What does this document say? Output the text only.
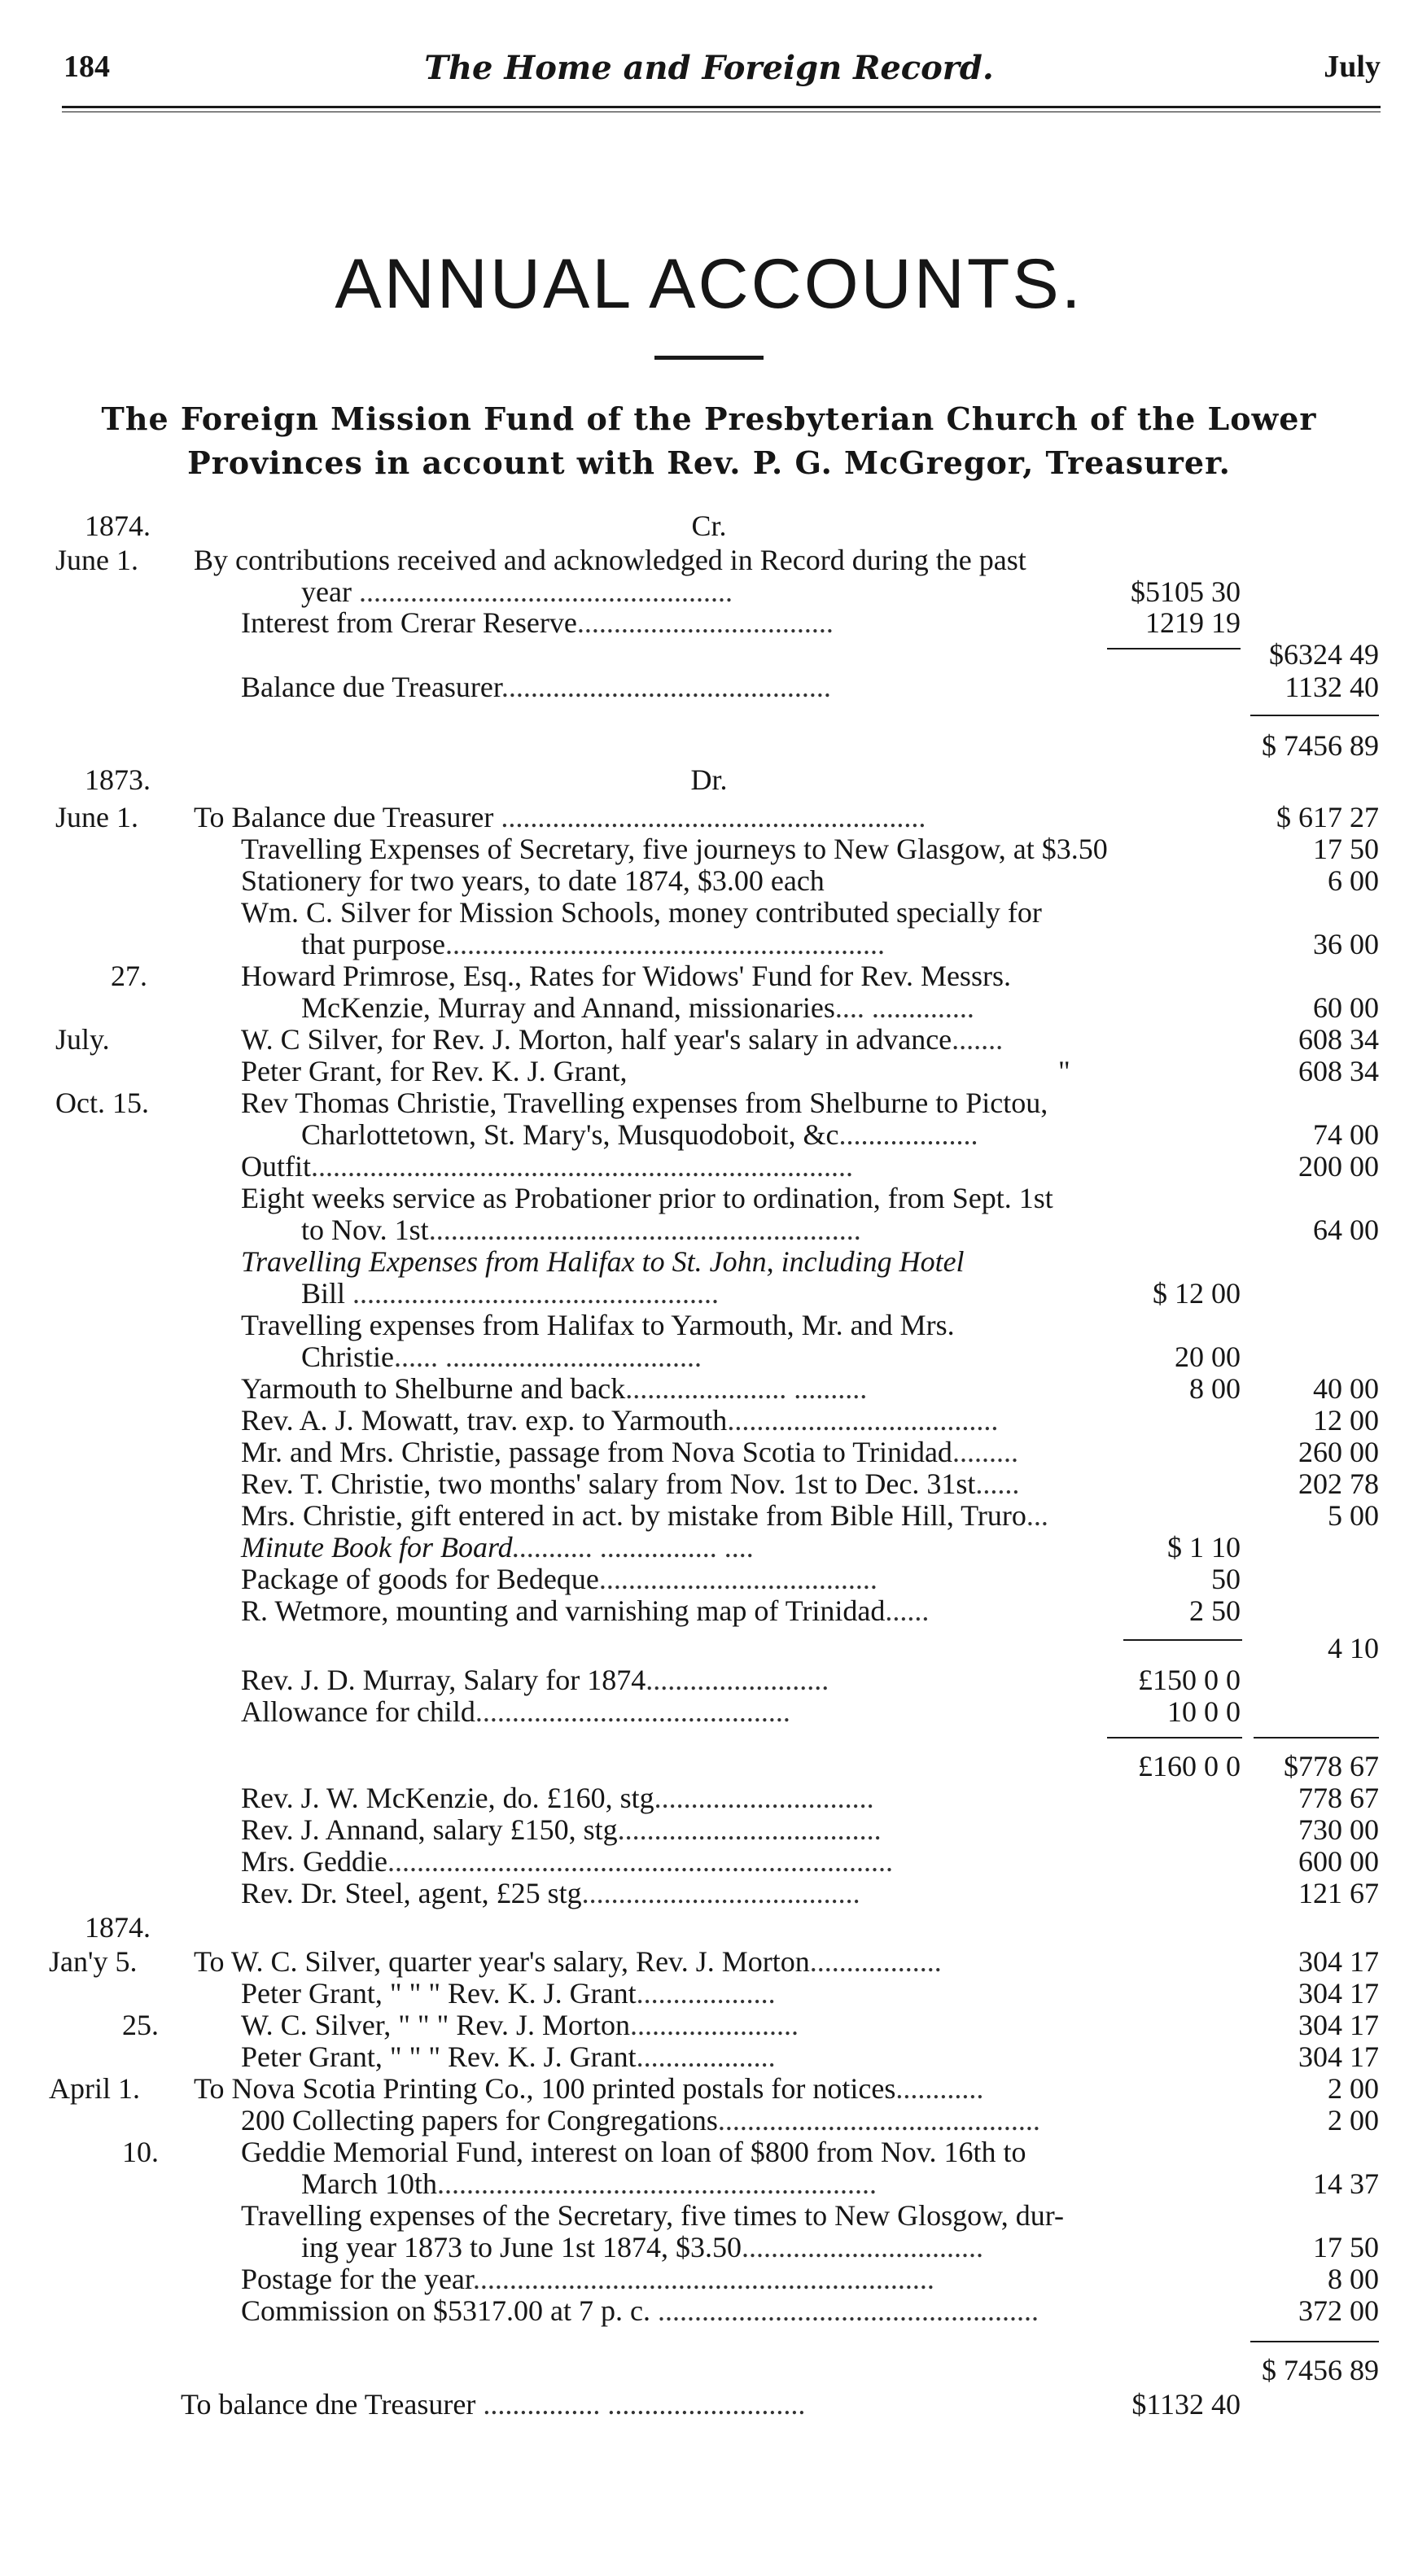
184	The Home and Foreign Record.	July
ANNUAL ACCOUNTS.
The Foreign Mission Fund of the Presbyterian Church of the Lower
Provinces in account with Rev. P. G. McGregor, Treasurer.
1874.	Cr.
June 1. By contributions received and acknowledged in Record during the past
year ...................................................	$5105 30
Interest from Crerar Reserve...................................	1219 19
$6324 49
Balance due Treasurer.............................................	1132 40
$ 7456 89
1873.	Dr.
June 1. To Balance due Treasurer ..........................................................	$ 617 27
Travelling Expenses of Secretary, five journeys to New Glasgow, at $3.50	17 50
Stationery for two years, to date 1874, $3.00 each	6 00
Wm. C. Silver for Mission Schools, money contributed specially for
that purpose............................................................	36 00
27.	Howard Primrose, Esq., Rates for Widows' Fund for Rev. Messrs.
McKenzie, Murray and Annand, missionaries.... ..............	60 00
July.	W. C Silver, for Rev. J. Morton, half year's salary in advance.......	608 34
Peter Grant, for Rev. K. J. Grant,	"	608 34
Oct. 15.	Rev Thomas Christie, Travelling expenses from Shelburne to Pictou,
Charlottetown, St. Mary's, Musquodoboit, &c...................	74 00
Outfit..........................................................................	200 00
Eight weeks service as Probationer prior to ordination, from Sept. 1st
to Nov. 1st...........................................................	64 00
Travelling Expenses from Halifax to St. John, including Hotel
Bill ..................................................	$ 12 00
Travelling expenses from Halifax to Yarmouth, Mr. and Mrs.
Christie...... ...................................	20 00
Yarmouth to Shelburne and back...................... ..........	8 00 40 00
Rev. A. J. Mowatt, trav. exp. to Yarmouth.....................................	12 00
Mr. and Mrs. Christie, passage from Nova Scotia to Trinidad.........	260 00
Rev. T. Christie, two months' salary from Nov. 1st to Dec. 31st......	202 78
Mrs. Christie, gift entered in act. by mistake from Bible Hill, Truro...	5 00
Minute Book for Board........... ................ ....	$ 1 10
Package of goods for Bedeque......................................	50
R. Wetmore, mounting and varnishing map of Trinidad......	2 50
4 10
Rev. J. D. Murray, Salary for 1874.........................	£150 0 0
Allowance for child...........................................	10 0 0
£160 0 0 $778 67
Rev. J. W. McKenzie, do. £160, stg..............................	778 67
Rev. J. Annand, salary £150, stg....................................	730 00
Mrs. Geddie.....................................................................	600 00
Rev. Dr. Steel, agent, £25 stg......................................	121 67
1874.
Jan'y 5. To W. C. Silver, quarter year's salary, Rev. J. Morton..................	304 17
Peter Grant, " " " Rev. K. J. Grant...................	304 17
25.	W. C. Silver, " " " Rev. J. Morton.......................	304 17
Peter Grant, " " " Rev. K. J. Grant...................	304 17
April 1. To Nova Scotia Printing Co., 100 printed postals for notices............	2 00
200 Collecting papers for Congregations............................................	2 00
10.	Geddie Memorial Fund, interest on loan of $800 from Nov. 16th to
March 10th............................................................	14 37
Travelling expenses of the Secretary, five times to New Glosgow, dur-
ing year 1873 to June 1st 1874, $3.50.................................	17 50
Postage for the year...............................................................	8 00
Commission on $5317.00 at 7 p. c. ....................................................	372 00
$ 7456 89
To balance dne Treasurer ................ ...........................	$1132 40
